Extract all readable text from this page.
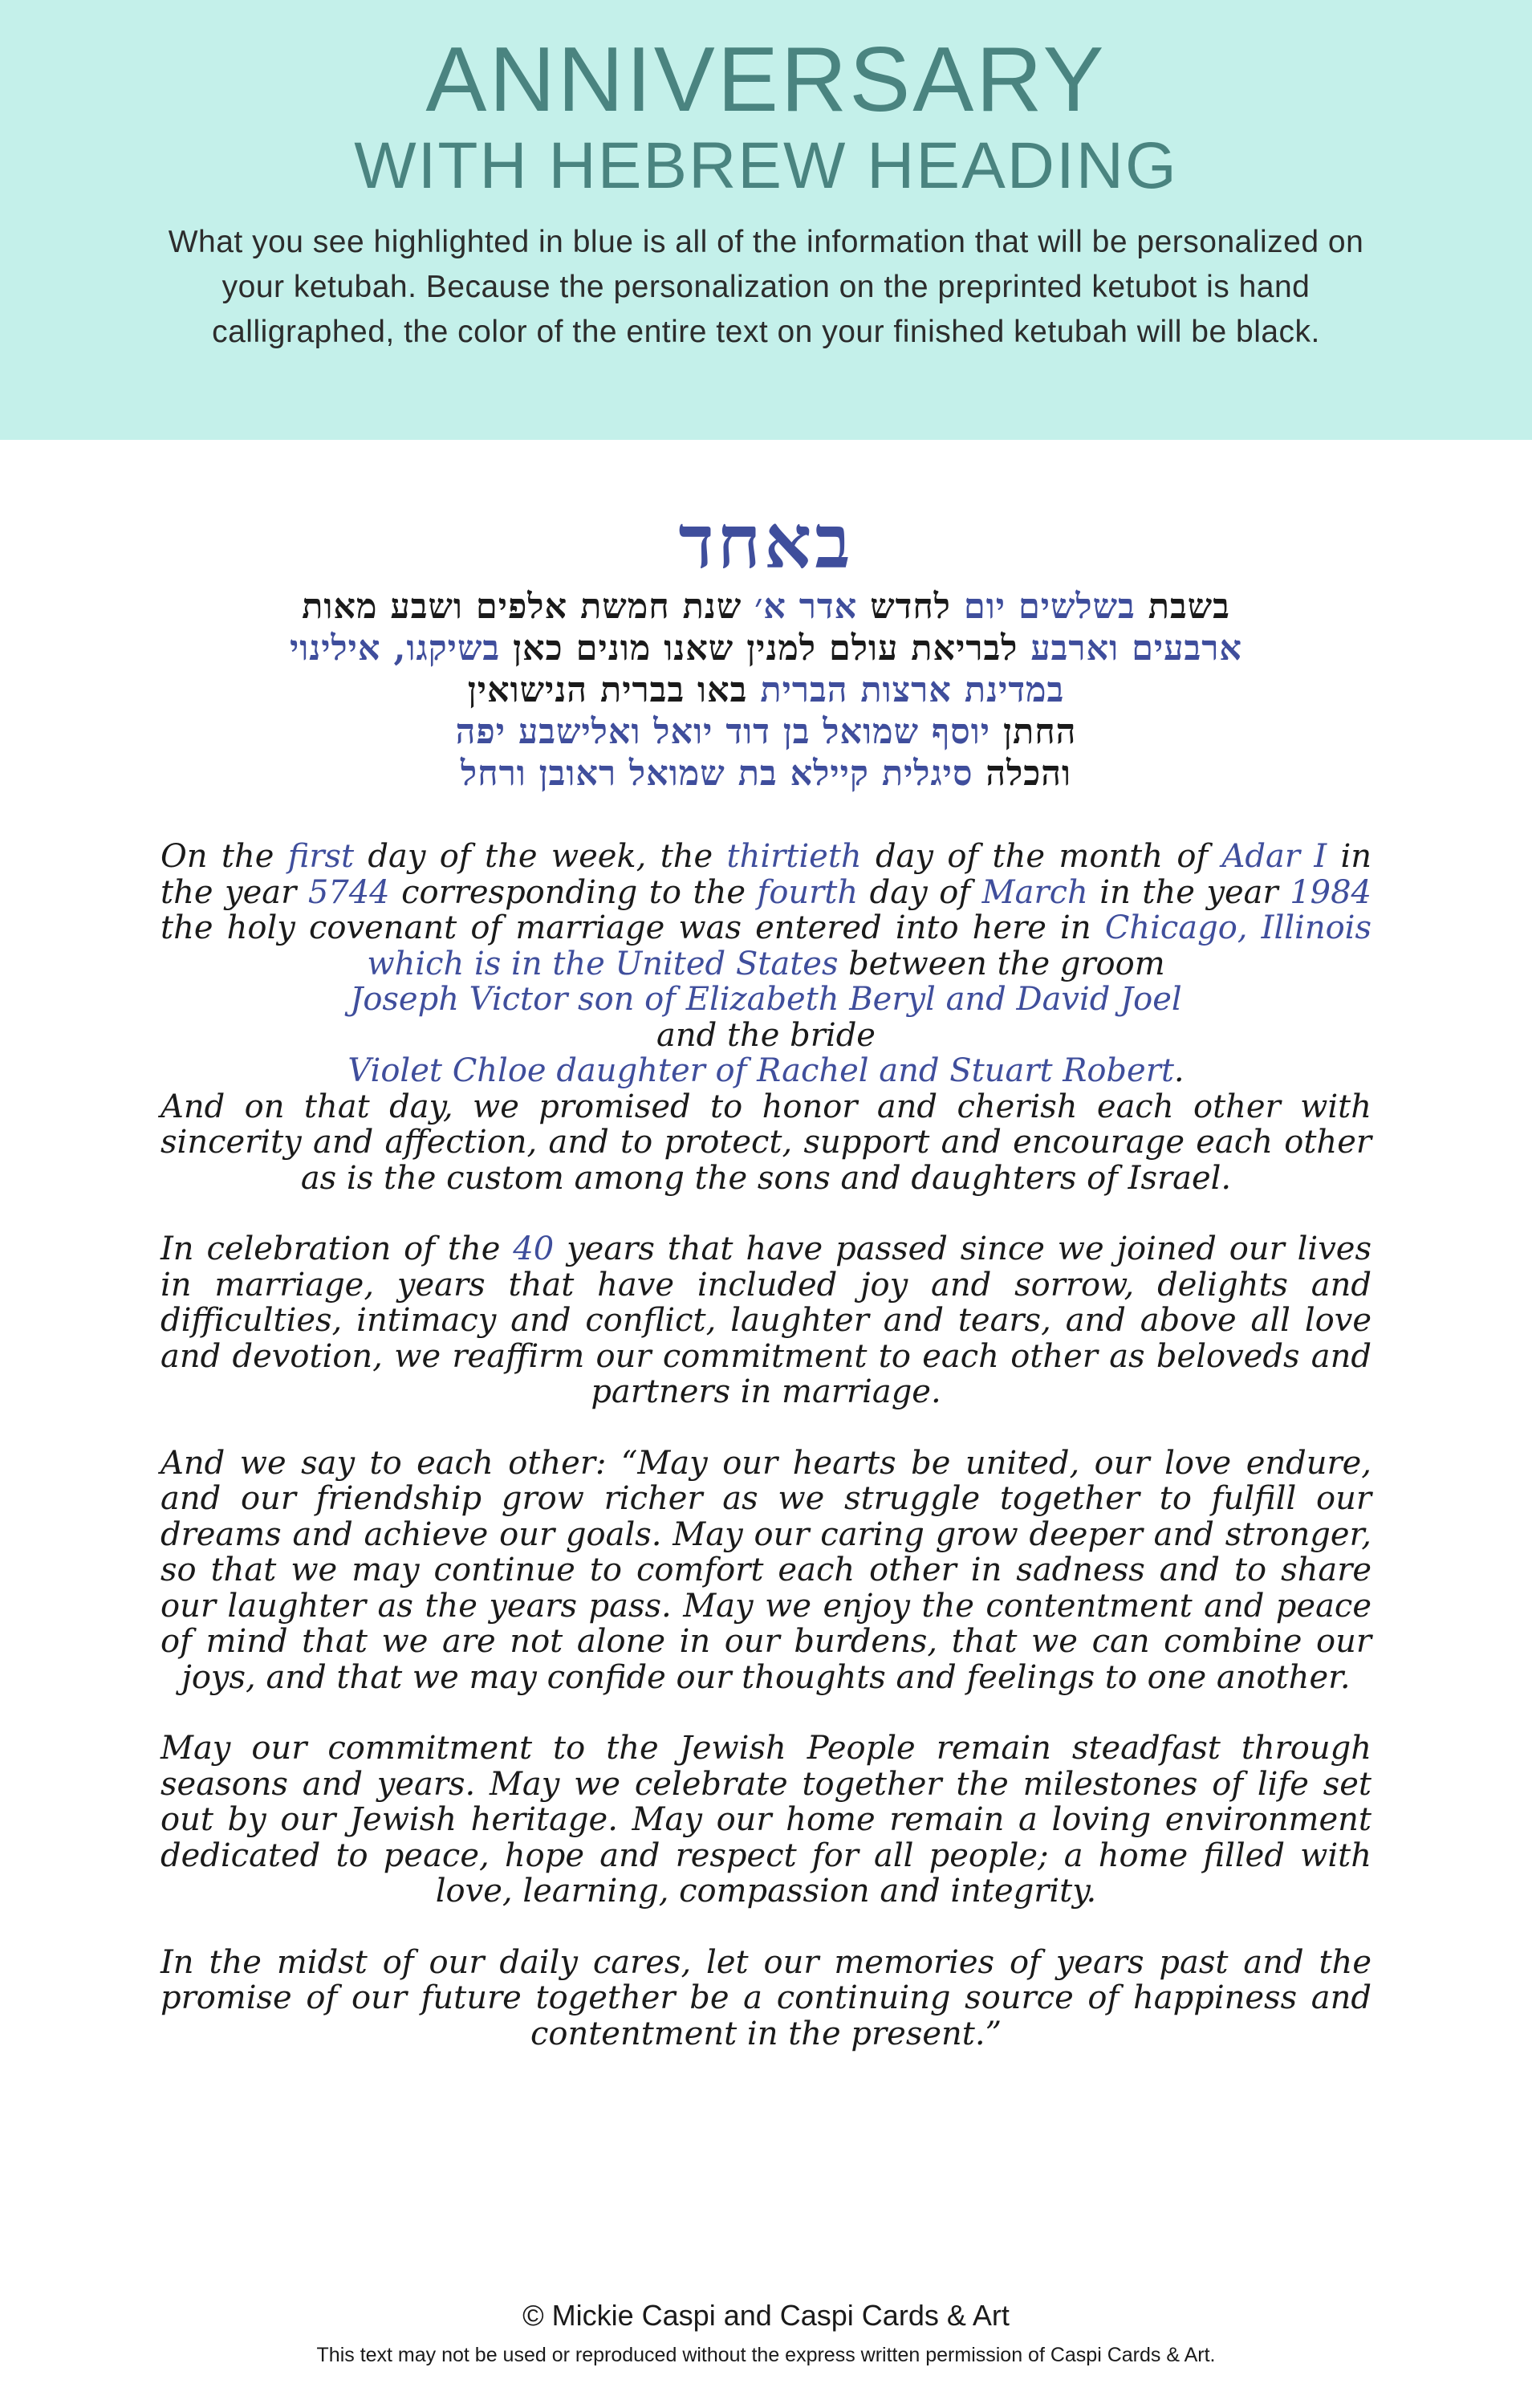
ANNIVERSARY
WITH HEBREW HEADING
What you see highlighted in blue is all of the information that will be personalized on your ketubah. Because the personalization on the preprinted ketubot is hand calligraphed, the color of the entire text on your finished ketubah will be black.
באחד
בשבת בשלשים יום לחדש אדר א׳ שנת חמשת אלפים ושבע מאות
ארבעים וארבע לבריאת עולם למנין שאנו מונים כאן בשיקגו, אילינוי
במדינת ארצות הברית באו בברית הנישואין
החתן יוסף שמואל בן דוד יואל ואלישבע יפה
והכלה סיגלית קיילא בת שמואל ראובן ורחל

On the first day of the week, the thirtieth day of the month of Adar I in the year 5744 corresponding to the fourth day of March in the year 1984 the holy covenant of marriage was entered into here in Chicago, Illinois which is in the United States between the groom

Joseph Victor son of Elizabeth Beryl and David Joel

and the bride

Violet Chloe daughter of Rachel and Stuart Robert.

And on that day, we promised to honor and cherish each other with sincerity and affection, and to protect, support and encourage each other as is the custom among the sons and daughters of Israel.

In celebration of the 40 years that have passed since we joined our lives in marriage, years that have included joy and sorrow, delights and difficulties, intimacy and conflict, laughter and tears, and above all love and devotion, we reaffirm our commitment to each other as beloveds and partners in marriage.

And we say to each other: “May our hearts be united, our love endure, and our friendship grow richer as we struggle together to fulfill our dreams and achieve our goals. May our caring grow deeper and stronger, so that we may continue to comfort each other in sadness and to share our laughter as the years pass. May we enjoy the contentment and peace of mind that we are not alone in our burdens, that we can combine our joys, and that we may confide our thoughts and feelings to one another.

May our commitment to the Jewish People remain steadfast through seasons and years. May we celebrate together the milestones of life set out by our Jewish heritage. May our home remain a loving environment dedicated to peace, hope and respect for all people; a home filled with love, learning, compassion and integrity.

In the midst of our daily cares, let our memories of years past and the promise of our future together be a continuing source of happiness and contentment in the present.”

© Mickie Caspi and Caspi Cards & Art
This text may not be used or reproduced without the express written permission of Caspi Cards & Art.
